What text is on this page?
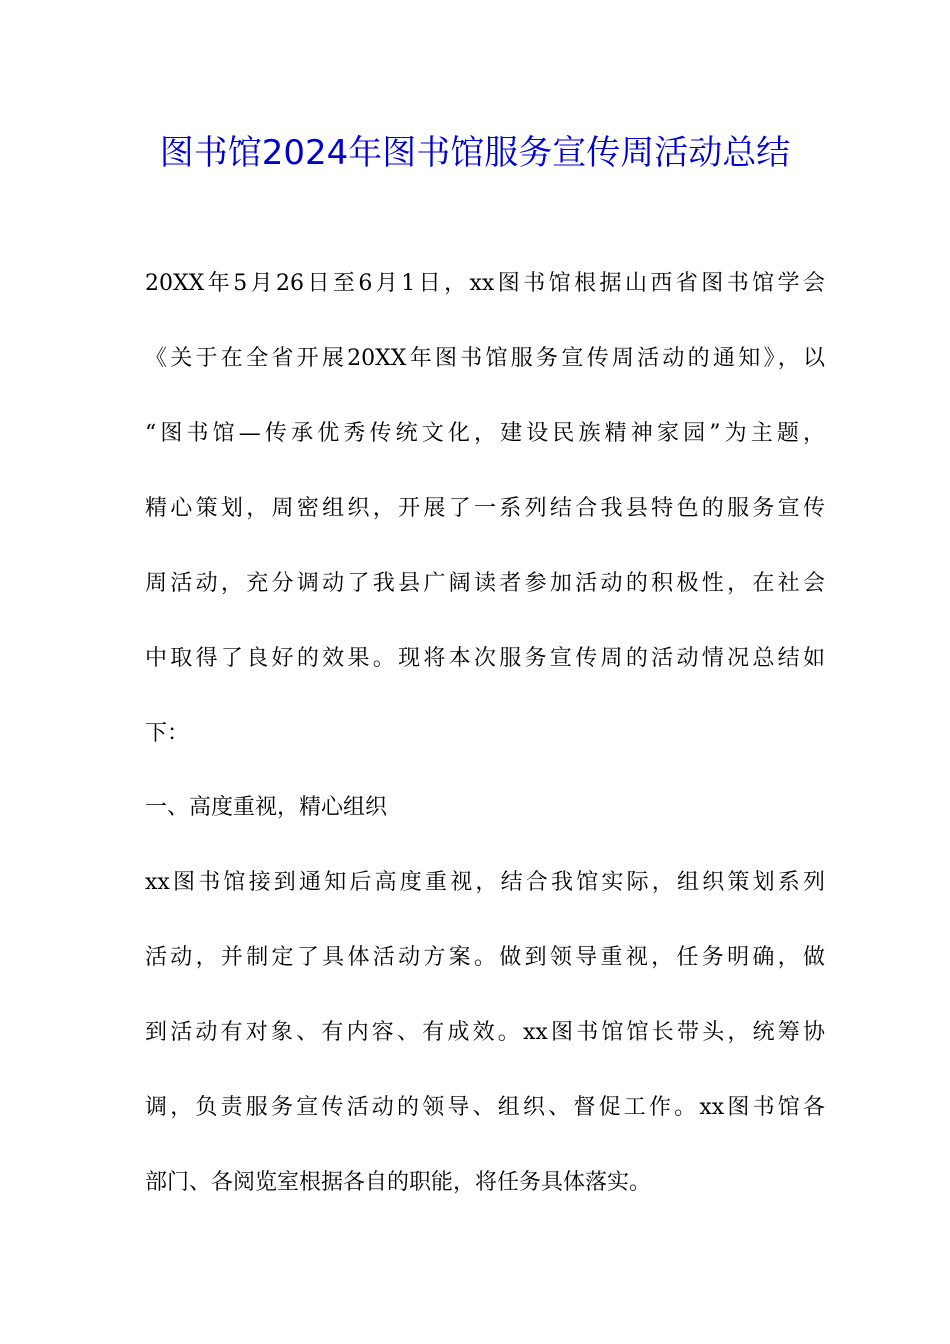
图书馆2024年图书馆服务宣传周活动总结

20XX年5月26日至6月1日，xx图书馆根据山西省图书馆学会

《关于在全省开展20XX年图书馆服务宣传周活动的通知》，以

“图书馆—传承优秀传统文化，建设民族精神家园”为主题，

精心策划，周密组织，开展了一系列结合我县特色的服务宣传

周活动，充分调动了我县广阔读者参加活动的积极性，在社会

中取得了良好的效果。现将本次服务宣传周的活动情况总结如

下：

一、高度重视，精心组织

xx图书馆接到通知后高度重视，结合我馆实际，组织策划系列

活动，并制定了具体活动方案。做到领导重视，任务明确，做

到活动有对象、有内容、有成效。xx图书馆馆长带头，统筹协

调，负责服务宣传活动的领导、组织、督促工作。xx图书馆各

部门、各阅览室根据各自的职能，将任务具体落实。
